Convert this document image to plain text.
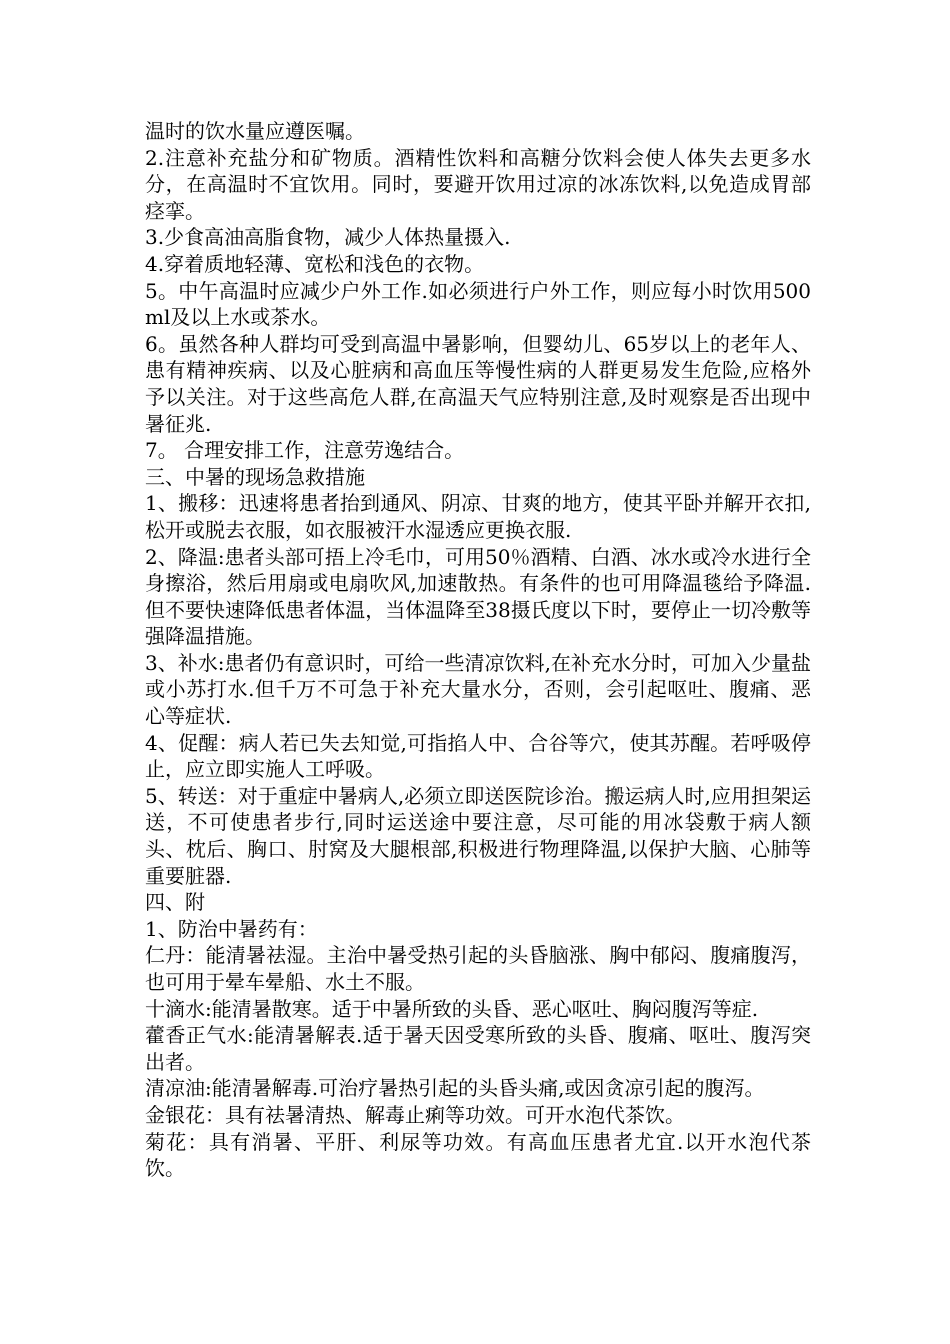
温时的饮水量应遵医嘱。

2.注意补充盐分和矿物质。酒精性饮料和高糖分饮料会使人体失去更多水分，在高温时不宜饮用。同时，要避开饮用过凉的冰冻饮料,以免造成胃部痉挛。

3.少食高油高脂食物，减少人体热量摄入.

4.穿着质地轻薄、宽松和浅色的衣物。

5。中午高温时应减少户外工作.如必须进行户外工作，则应每小时饮用500ml及以上水或茶水。

6。虽然各种人群均可受到高温中暑影响，但婴幼儿、65岁以上的老年人、患有精神疾病、以及心脏病和高血压等慢性病的人群更易发生危险,应格外予以关注。对于这些高危人群,在高温天气应特别注意,及时观察是否出现中暑征兆.

7。 合理安排工作，注意劳逸结合。

三、中暑的现场急救措施

1、搬移：迅速将患者抬到通风、阴凉、甘爽的地方，使其平卧并解开衣扣,松开或脱去衣服，如衣服被汗水湿透应更换衣服.

2、降温:患者头部可捂上冷毛巾，可用50％酒精、白酒、冰水或冷水进行全身擦浴，然后用扇或电扇吹风,加速散热。有条件的也可用降温毯给予降温.但不要快速降低患者体温，当体温降至38摄氏度以下时，要停止一切冷敷等强降温措施。

3、补水:患者仍有意识时，可给一些清凉饮料,在补充水分时，可加入少量盐或小苏打水.但千万不可急于补充大量水分，否则，会引起呕吐、腹痛、恶心等症状.

4、促醒：病人若已失去知觉,可指掐人中、合谷等穴，使其苏醒。若呼吸停止，应立即实施人工呼吸。

5、转送：对于重症中暑病人,必须立即送医院诊治。搬运病人时,应用担架运送，不可使患者步行,同时运送途中要注意，尽可能的用冰袋敷于病人额头、枕后、胸口、肘窝及大腿根部,积极进行物理降温,以保护大脑、心肺等重要脏器.

四、附

1、防治中暑药有：

仁丹：能清暑祛湿。主治中暑受热引起的头昏脑涨、胸中郁闷、腹痛腹泻，也可用于晕车晕船、水土不服。

十滴水:能清暑散寒。适于中暑所致的头昏、恶心呕吐、胸闷腹泻等症.

藿香正气水:能清暑解表.适于暑天因受寒所致的头昏、腹痛、呕吐、腹泻突出者。

清凉油:能清暑解毒.可治疗暑热引起的头昏头痛,或因贪凉引起的腹泻。

金银花：具有祛暑清热、解毒止痢等功效。可开水泡代茶饮。

菊花：具有消暑、平肝、利尿等功效。有高血压患者尤宜.以开水泡代茶饮。
